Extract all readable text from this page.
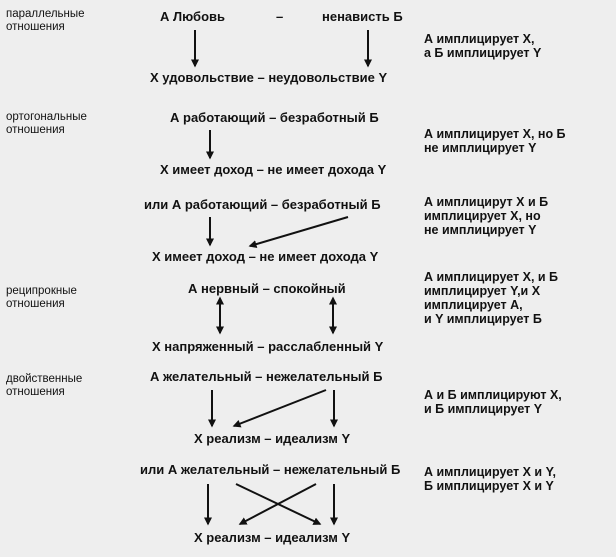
параллельные
отношения
А Любовь	–	ненависть Б
Х удовольствие – неудовольствие Y
А имплицирует Х,
а Б имплицирует Y
ортогональные
отношения
А работающий – безработный Б
Х имеет доход – не имеет дохода Y
А имплицирует Х, но Б
не имплицирует Y
или А работающий – безработный Б
Х имеет доход – не имеет дохода Y
А имплицирут Х и Б
имплицирует Х, но
не имплицирует Y
реципрокные
отношения
А нервный – спокойный
Х напряженный – расслабленный Y
А имплицирует Х, и Б
имплицирует Y,и Х
имплицирует А,
и Y имплицирует Б
двойственные
отношения
А желательный – нежелательный Б
Х реализм – идеализм Y
А и Б имплицируют Х,
и Б имплицирует Y
или А желательный – нежелательный Б
Х реализм – идеализм Y
А имплицирует Х и Y,
Б имплицирует Х и Y
